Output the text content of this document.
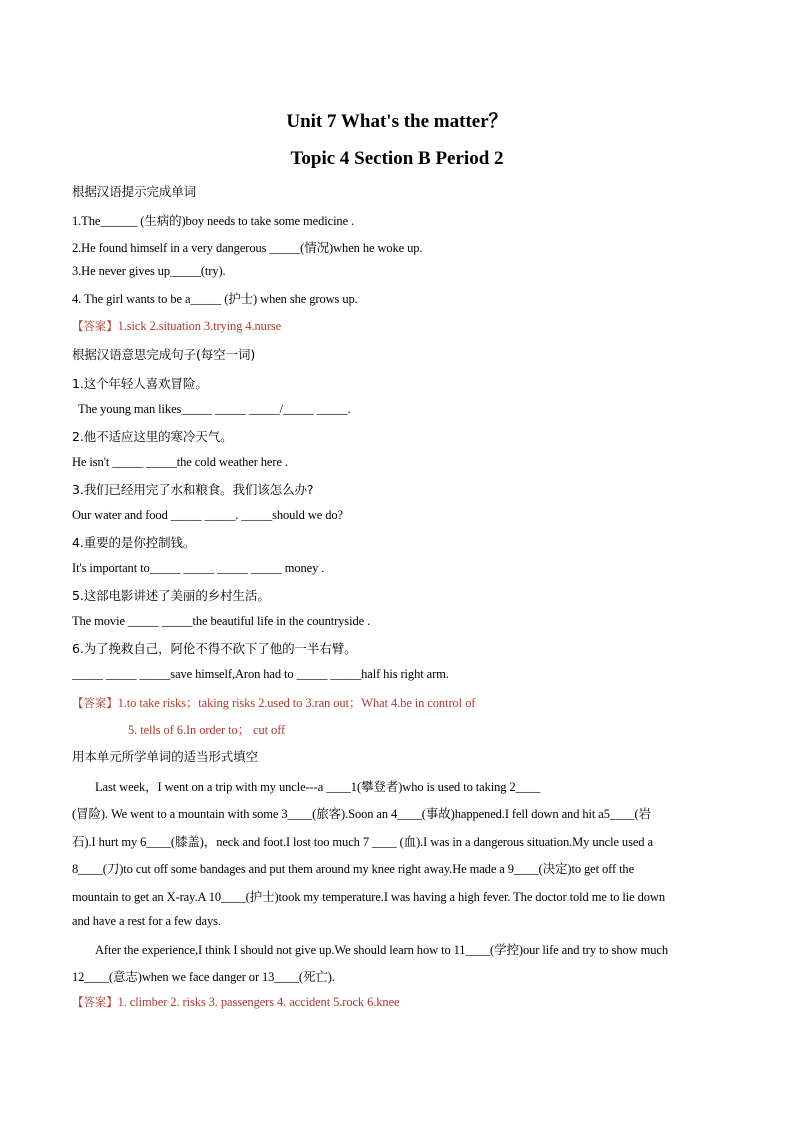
Unit 7 What's the matter？
Topic 4 Section B Period 2
根据汉语提示完成单词
1.The______ (生病的)boy needs to take some medicine .
2.He found himself in a very dangerous _____(情况)when he woke up.
3.He never gives up_____(try).
4. The girl wants to be a_____ (护士) when she grows up.
【答案】1.sick 2.situation 3.trying 4.nurse
根据汉语意思完成句子(每空一词)
1.这个年轻人喜欢冒险。
The young man likes_____ _____ _____/_____ _____.
2.他不适应这里的寒冷天气。
He isn't _____ _____the cold weather here .
3.我们已经用完了水和粮食。我们该怎么办?
Our water and food _____ _____. _____should we do?
4.重要的是你控制钱。
It's important to_____ _____ _____ _____ money .
5.这部电影讲述了美丽的乡村生活。
The movie _____ _____the beautiful life in the countryside .
6.为了挽救自己，阿伦不得不砍下了他的一半右臂。
_____ _____ _____save himself,Aron had to _____ _____half his right arm.
【答案】1.to take risks；taking risks 2.used to 3.ran out；What 4.be in control of
5. tells of 6.In order to； cut off
用本单元所学单词的适当形式填空
Last week，I went on a trip with my uncle---a ____1(攀登者)who is used to taking 2____
(冒险). We went to a mountain with some 3____(旅客).Soon an 4____(事故)happened.I fell down and hit a5____(岩
石).I hurt my 6____(膝盖)，neck and foot.I lost too much 7 ____ (血).I was in a dangerous situation.My uncle used a
8____(刀)to cut off some bandages and put them around my knee right away.He made a 9____(决定)to get off the
mountain to get an X-ray.A 10____(护士)took my temperature.I was having a high fever. The doctor told me to lie down
and have a rest for a few days.
After the experience,I think I should not give up.We should learn how to 11____(学控)our life and try to show much
12____(意志)when we face danger or 13____(死亡).
【答案】1. climber 2. risks 3. passengers 4. accident 5.rock 6.knee
